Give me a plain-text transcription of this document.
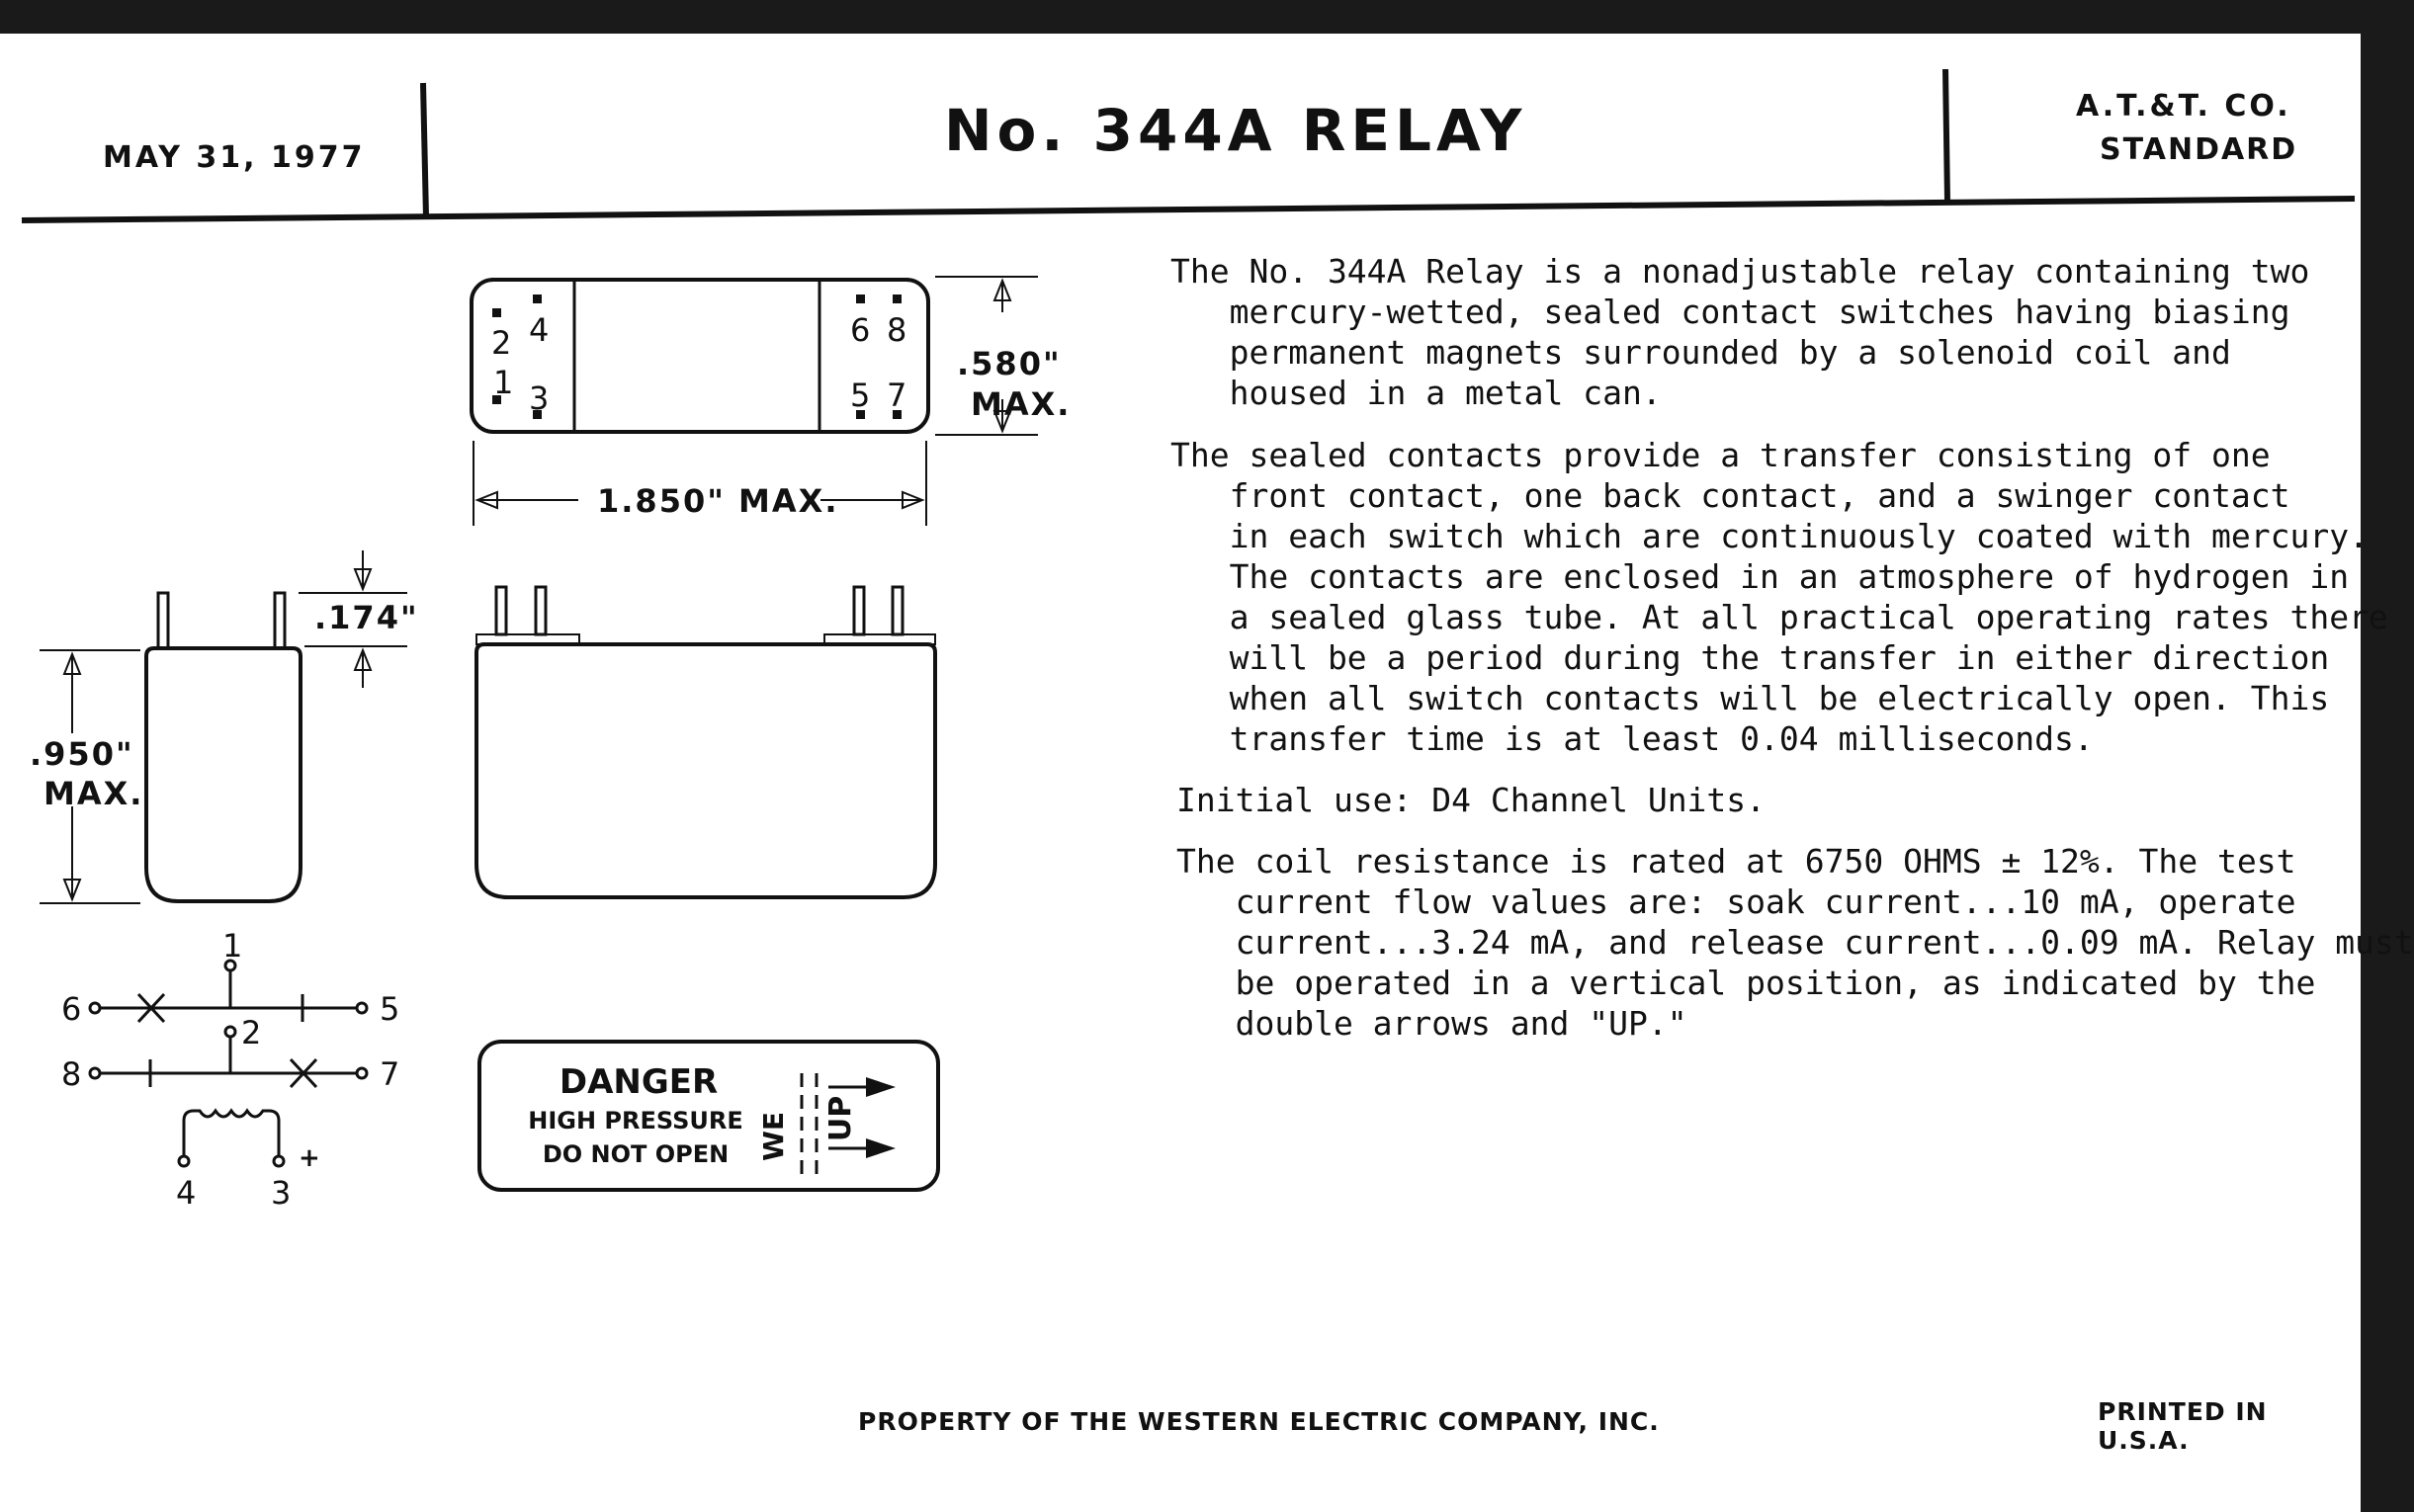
MAY 31, 1977	No. 344A RELAY	A.T.&T. CO.
STANDARD
2 4
1 3
6 8
5 7
.580"
MAX.
1.850" MAX.
.174"
.950"
MAX.
1
2
6	5
8	7
4 3
+
DANGER
HIGH PRESSURE
DO NOT OPEN WE UP
The No. 344A Relay is a nonadjustable relay containing two
mercury-wetted, sealed contact switches having biasing
permanent magnets surrounded by a solenoid coil and
housed in a metal can.
The sealed contacts provide a transfer consisting of one
front contact, one back contact, and a swinger contact
in each switch which are continuously coated with mercury.
The contacts are enclosed in an atmosphere of hydrogen in
a sealed glass tube. At all practical operating rates there
will be a period during the transfer in either direction
when all switch contacts will be electrically open. This
transfer time is at least 0.04 milliseconds.
Initial use: D4 Channel Units.
The coil resistance is rated at 6750 OHMS ± 12%. The test
current flow values are: soak current...10 mA, operate
current...3.24 mA, and release current...0.09 mA. Relay must
be operated in a vertical position, as indicated by the
double arrows and "UP."
PROPERTY OF THE WESTERN ELECTRIC COMPANY, INC.	PRINTED IN U.S.A.
